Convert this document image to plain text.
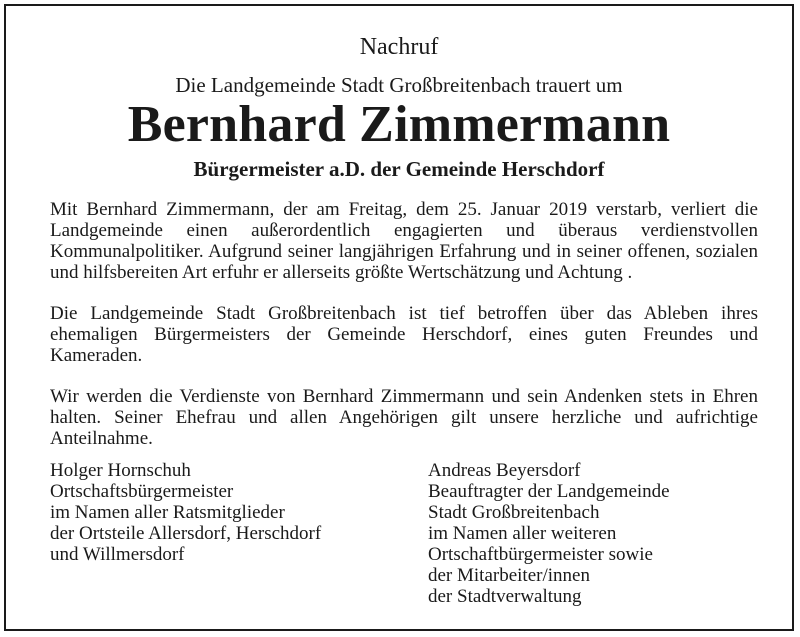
Nachruf
Die Landgemeinde Stadt Großbreitenbach trauert um
Bernhard Zimmermann
Bürgermeister a.D. der Gemeinde Herschdorf

Mit Bernhard Zimmermann, der am Freitag, dem 25. Januar 2019 verstarb, verliert die Landgemeinde einen außerordentlich engagierten und überaus verdienstvollen Kommunalpolitiker. Aufgrund seiner langjährigen Erfahrung und in seiner offenen, sozialen und hilfsbereiten Art erfuhr er allerseits größte Wertschätzung und Achtung .

Die Landgemeinde Stadt Großbreitenbach ist tief betroffen über das Ableben ihres ehemaligen Bürgermeisters der Gemeinde Herschdorf, eines guten Freundes und Kameraden.

Wir werden die Verdienste von Bernhard Zimmermann und sein Andenken stets in Ehren halten. Seiner Ehefrau und allen Angehörigen gilt unsere herzliche und aufrichtige Anteilnahme.

Holger Hornschuh
Ortschaftsbürgermeister
im Namen aller Ratsmitglieder
der Ortsteile Allersdorf, Herschdorf
und Willmersdorf
Andreas Beyersdorf
Beauftragter der Landgemeinde
Stadt Großbreitenbach
im Namen aller weiteren
Ortschaftbürgermeister sowie
der Mitarbeiter/innen
der Stadtverwaltung
